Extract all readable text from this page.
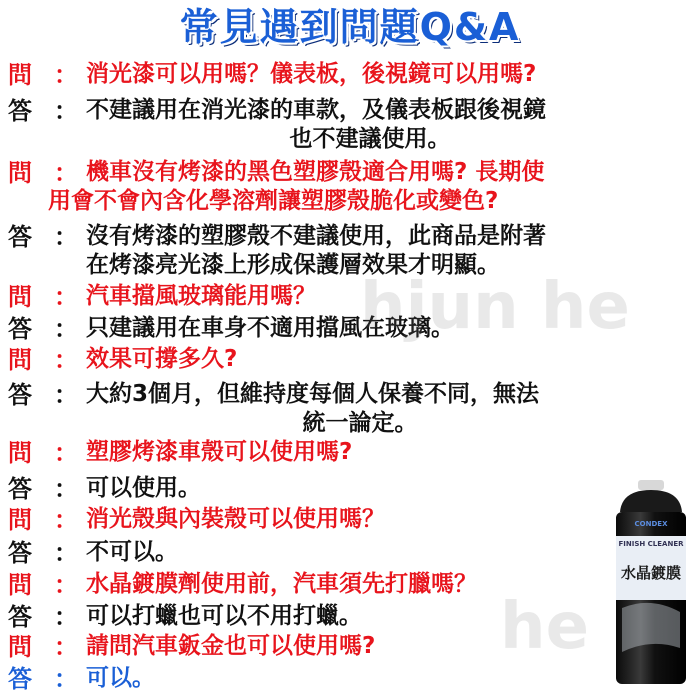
常見遇到問題Q&A
問 ： 消光漆可以用嗎？儀表板，後視鏡可以用嗎?
答 ： 不建議用在消光漆的車款，及儀表板跟後視鏡
也不建議使用。
問 ： 機車沒有烤漆的黑色塑膠殼適合用嗎? 長期使
用會不會內含化學溶劑讓塑膠殼脆化或變色?
答 ： 沒有烤漆的塑膠殼不建議使用，此商品是附著
在烤漆亮光漆上形成保護層效果才明顯。
問 ： 汽車擋風玻璃能用嗎？
答 ： 只建議用在車身不適用擋風在玻璃。
問 ： 效果可撐多久?
答 ： 大約3個月，但維持度每個人保養不同，無法
統一論定。
問 ： 塑膠烤漆車殼可以使用嗎?
答 ： 可以使用。
問 ： 消光殼與內裝殼可以使用嗎？
答 ： 不可以。
問 ： 水晶鍍膜劑使用前，汽車須先打臘嗎？
答 ： 可以打蠟也可以不用打蠟。
問 ： 請問汽車鈑金也可以使用嗎?
答 ： 可以。
hjun he
he
CONDEX
FINISH CLEANER
水晶鍍膜
